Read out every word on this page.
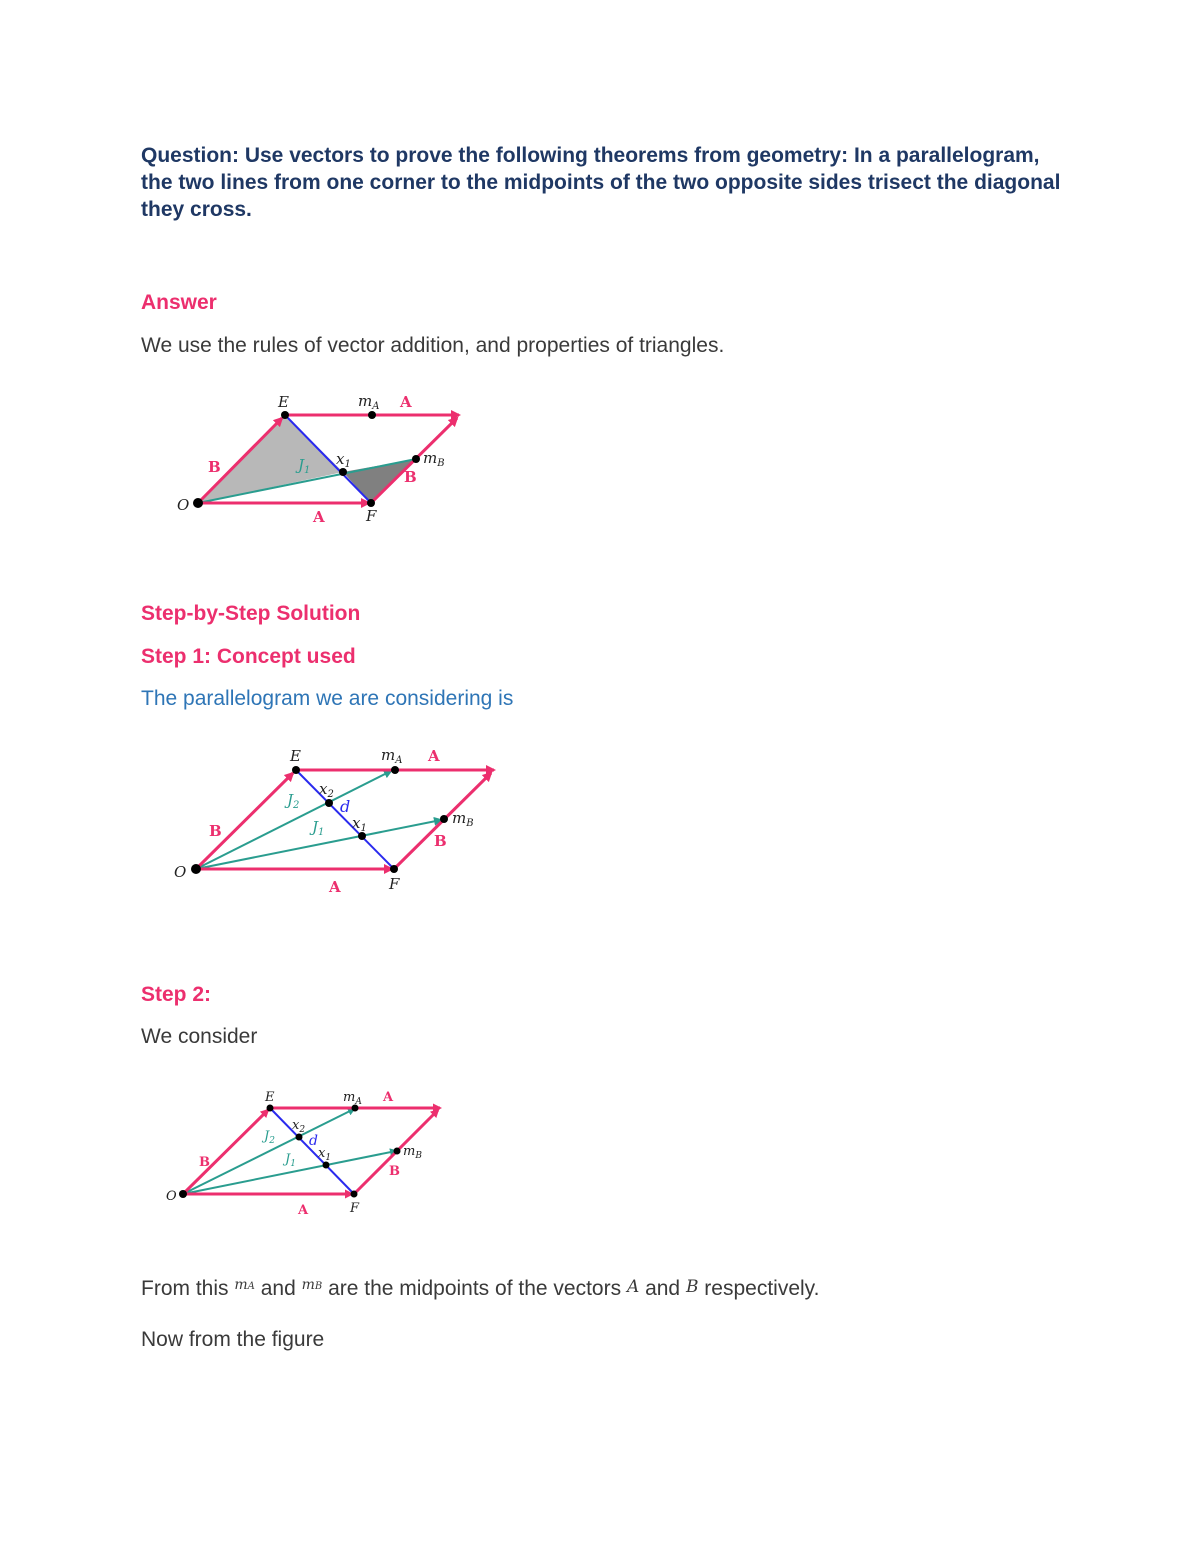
Question: Use vectors to prove the following theorems from geometry: In a parallelogram, the two lines from one corner to the midpoints of the two opposite sides trisect the diagonal they cross.

Answer

We use the rules of vector addition, and properties of triangles.

O
E
F
A
A
B
B
$m_A$
$m_B$
$J_1$
$x_1$

Step-by-Step Solution

Step 1: Concept used

The parallelogram we are considering is

O
E
F
A
A
B
B
$m_A$
$m_B$
$J_2$
$J_1$
$x_2$
$x_1$
d

Step 2:

We consider

O
E
F
A
A
B
B
$m_A$
$m_B$
$J_2$
$J_1$
$x_2$
$x_1$
d

From this $^{mA}$ and $^{mB}$ are the midpoints of the vectors A and B respectively.

Now from the figure
